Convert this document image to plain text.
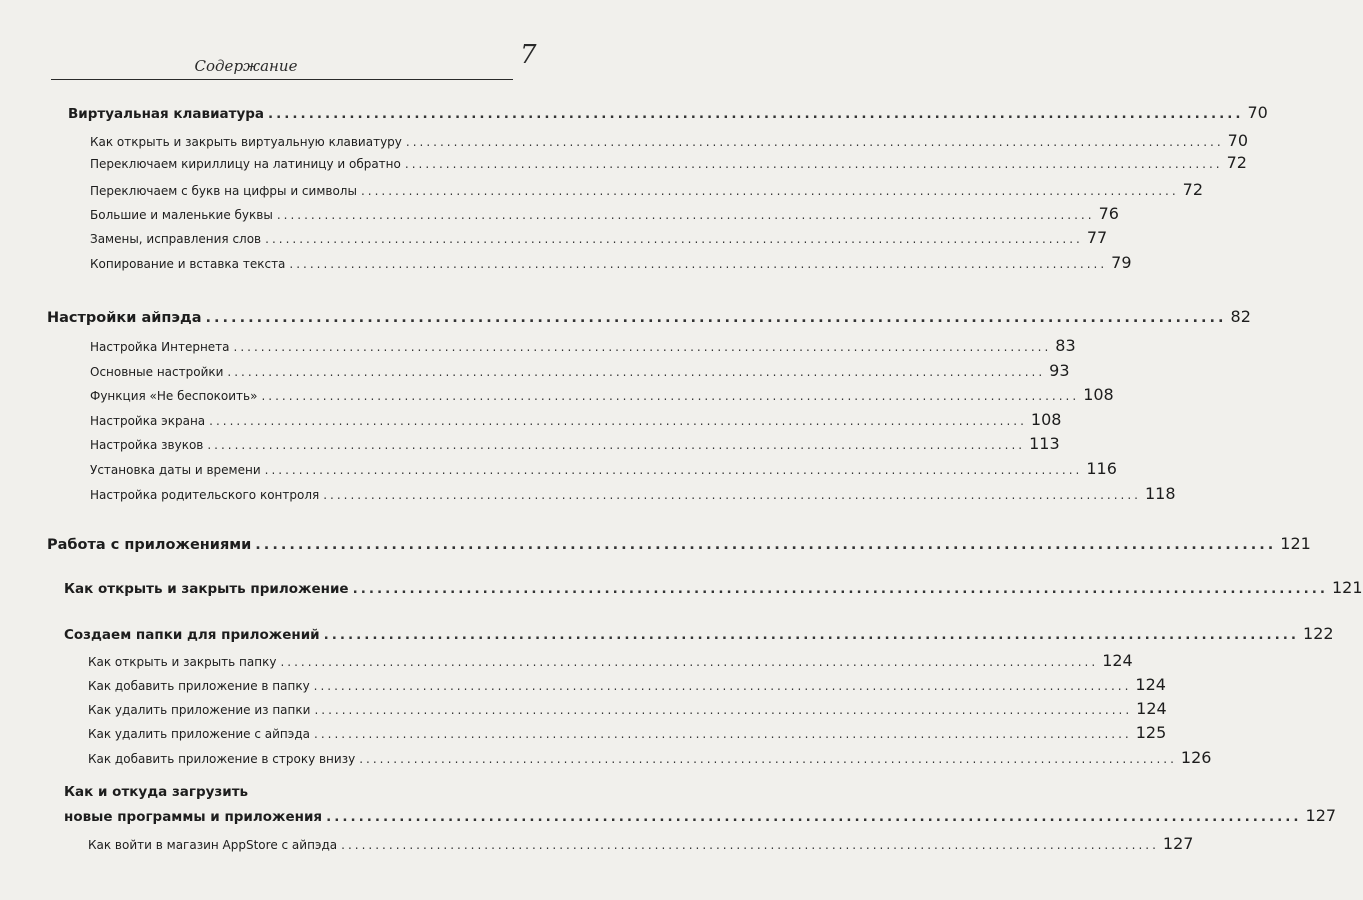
Содержание	7
Виртуальная клавиатура ........................................................................................................................ 70
Как открыть и закрыть виртуальную клавиатуру ........................................................................................................................ 70
Переключаем кириллицу на латиницу и обратно ........................................................................................................................ 72
Переключаем с букв на цифры и символы ........................................................................................................................ 72
Большие и маленькие буквы ........................................................................................................................ 76
Замены, исправления слов ........................................................................................................................ 77
Копирование и вставка текста ........................................................................................................................ 79
Настройки айпэда ........................................................................................................................ 82
Настройка Интернета ........................................................................................................................ 83
Основные настройки ........................................................................................................................ 93
Функция «Не беспокоить» ........................................................................................................................ 108
Настройка экрана ........................................................................................................................ 108
Настройка звуков ........................................................................................................................ 113
Установка даты и времени ........................................................................................................................ 116
Настройка родительского контроля ........................................................................................................................ 118
Работа с приложениями ........................................................................................................................ 121
Как открыть и закрыть приложение ........................................................................................................................ 121
Создаем папки для приложений ........................................................................................................................ 122
Как открыть и закрыть папку ........................................................................................................................ 124
Как добавить приложение в папку ........................................................................................................................ 124
Как удалить приложение из папки ........................................................................................................................ 124
Как удалить приложение с айпэда ........................................................................................................................ 125
Как добавить приложение в строку внизу ........................................................................................................................ 126
Как и откуда загрузить
новые программы и приложения ........................................................................................................................ 127
Как войти в магазин AppStore с айпэда ........................................................................................................................ 127
